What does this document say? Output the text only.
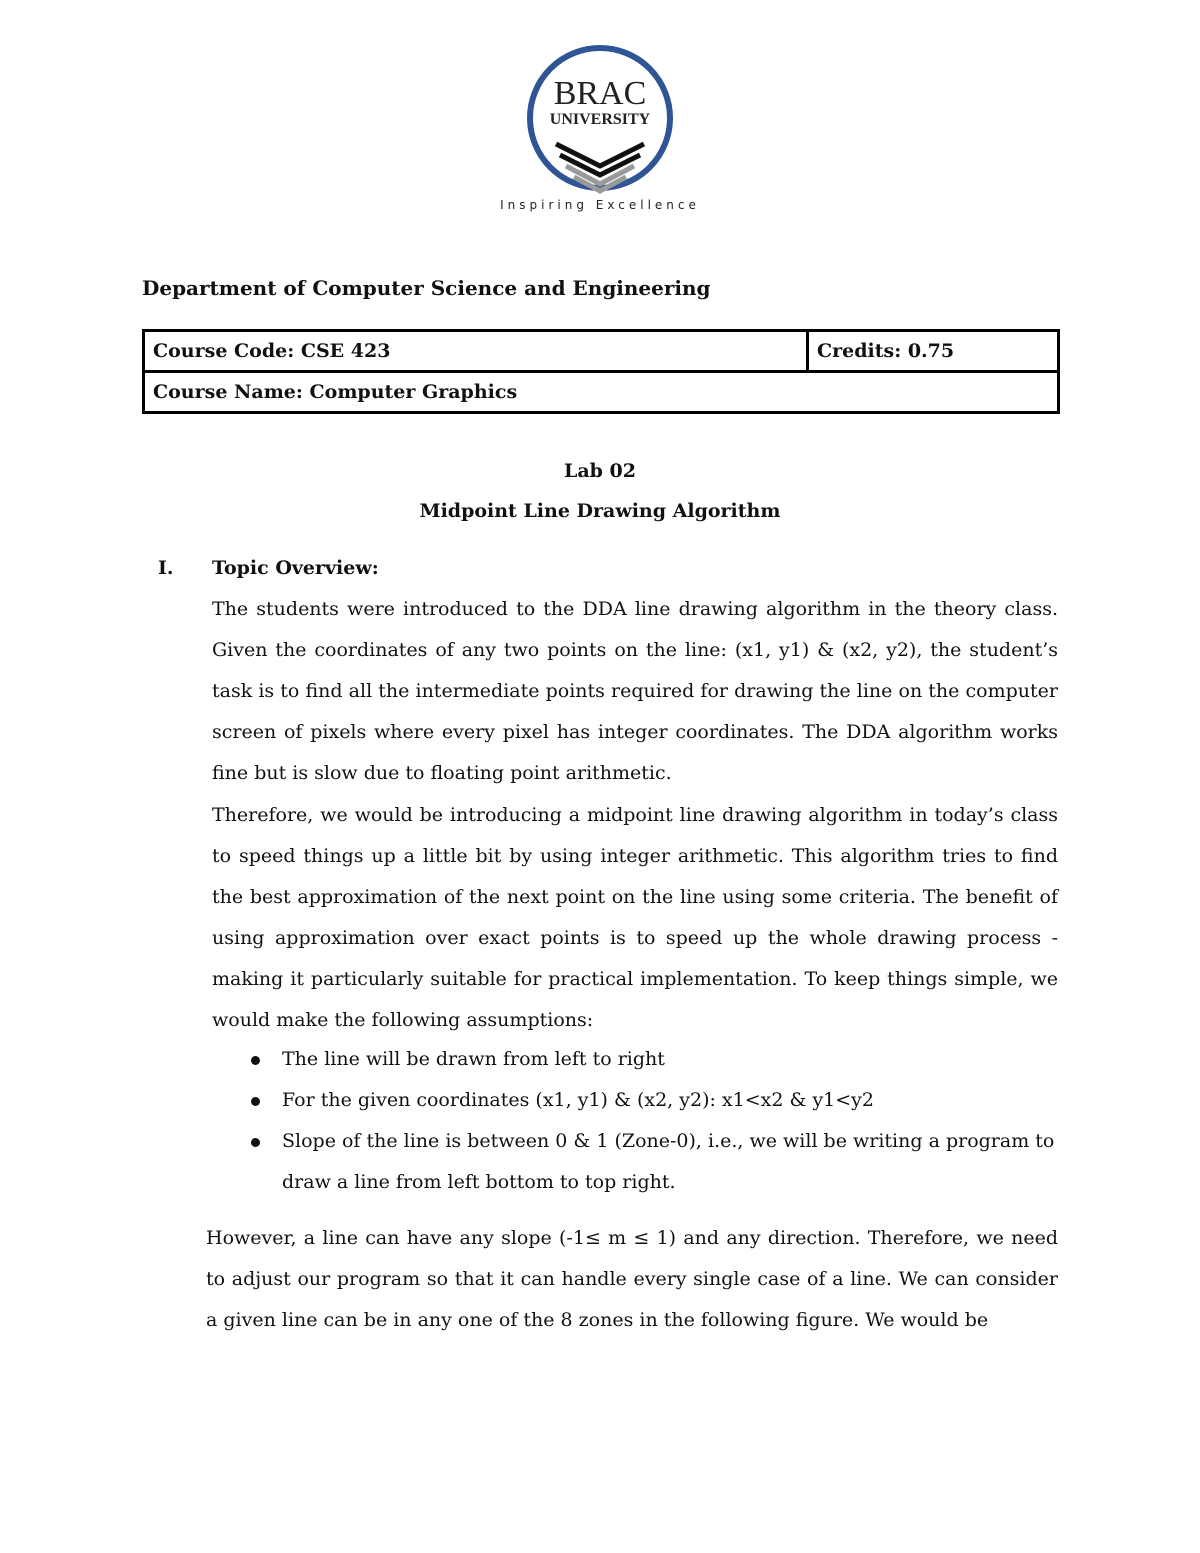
BRAC
UNIVERSITY
Inspiring Excellence
Department of Computer Science and Engineering
Course Code: CSE 423	Credits: 0.75
Course Name: Computer Graphics
Lab 02
Midpoint Line Drawing Algorithm
I. Topic Overview:

The students were introduced to the DDA line drawing algorithm in the theory class. Given the coordinates of any two points on the line: (x1, y1) & (x2, y2), the student’s task is to find all the intermediate points required for drawing the line on the computer screen of pixels where every pixel has integer coordinates. The DDA algorithm works fine but is slow due to floating point arithmetic.

Therefore, we would be introducing a midpoint line drawing algorithm in today’s class to speed things up a little bit by using integer arithmetic. This algorithm tries to find the best approximation of the next point on the line using some criteria. The benefit of using approximation over exact points is to speed up the whole drawing process - making it particularly suitable for practical implementation. To keep things simple, we would make the following assumptions:

The line will be drawn from left to right
For the given coordinates (x1, y1) & (x2, y2): x1<x2 & y1<y2
Slope of the line is between 0 & 1 (Zone-0), i.e., we will be writing a program to draw a line from left bottom to top right.

However, a line can have any slope (-1≤ m ≤ 1) and any direction. Therefore, we need to adjust our program so that it can handle every single case of a line. We can consider a given line can be in any one of the 8 zones in the following figure. We would be
